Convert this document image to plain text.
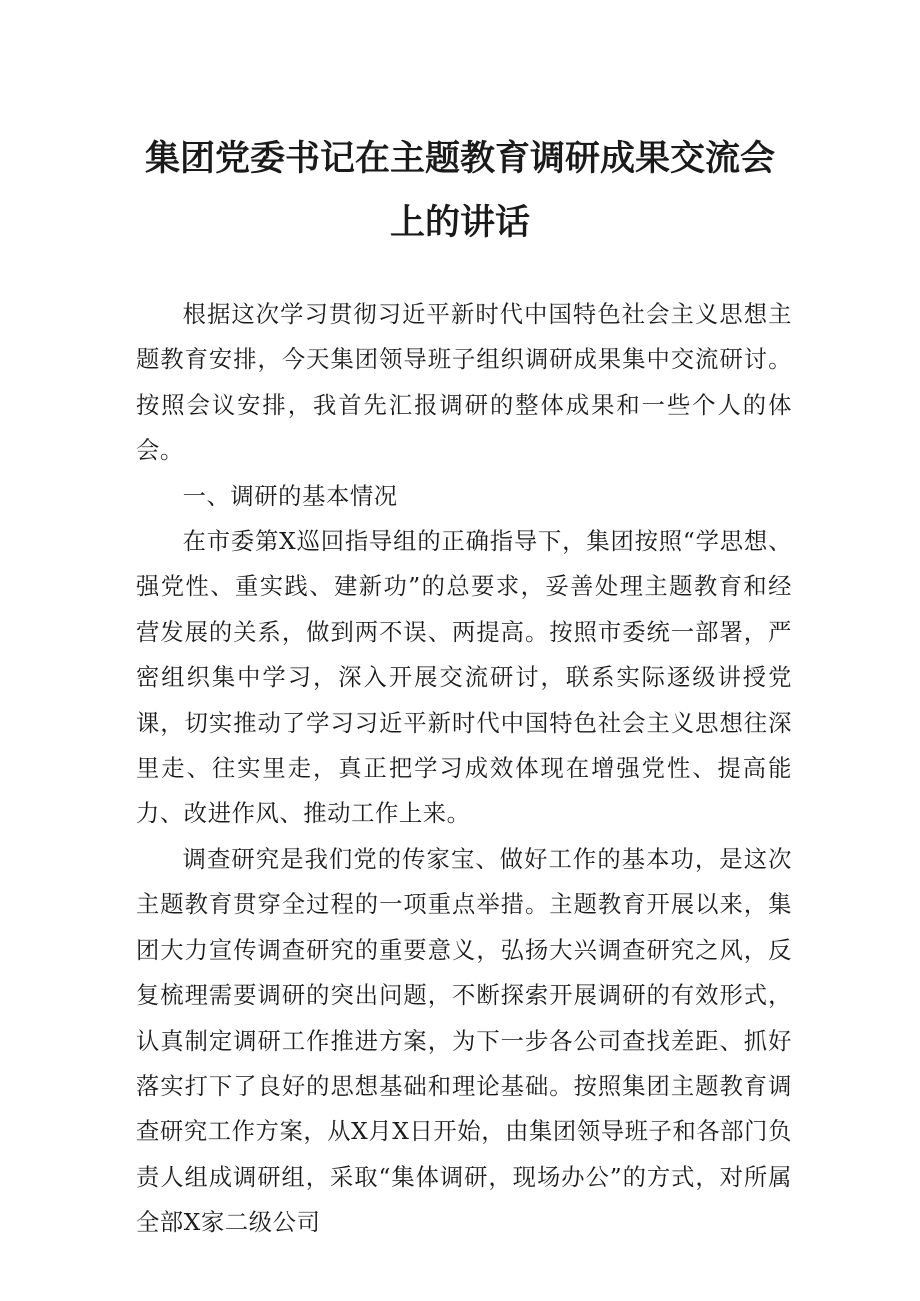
集团党委书记在主题教育调研成果交流会
上的讲话

根据这次学习贯彻习近平新时代中国特色社会主义思想主题教育安排，今天集团领导班子组织调研成果集中交流研讨。按照会议安排，我首先汇报调研的整体成果和一些个人的体会。

一、调研的基本情况

在市委第X巡回指导组的正确指导下，集团按照“学思想、强党性、重实践、建新功”的总要求，妥善处理主题教育和经营发展的关系，做到两不误、两提高。按照市委统一部署，严密组织集中学习，深入开展交流研讨，联系实际逐级讲授党课，切实推动了学习习近平新时代中国特色社会主义思想往深里走、往实里走，真正把学习成效体现在增强党性、提高能力、改进作风、推动工作上来。

调查研究是我们党的传家宝、做好工作的基本功，是这次主题教育贯穿全过程的一项重点举措。主题教育开展以来，集团大力宣传调查研究的重要意义，弘扬大兴调查研究之风，反复梳理需要调研的突出问题，不断探索开展调研的有效形式，认真制定调研工作推进方案，为下一步各公司查找差距、抓好落实打下了良好的思想基础和理论基础。按照集团主题教育调查研究工作方案，从X月X日开始，由集团领导班子和各部门负责人组成调研组，采取“集体调研，现场办公”的方式，对所属全部X家二级公司
